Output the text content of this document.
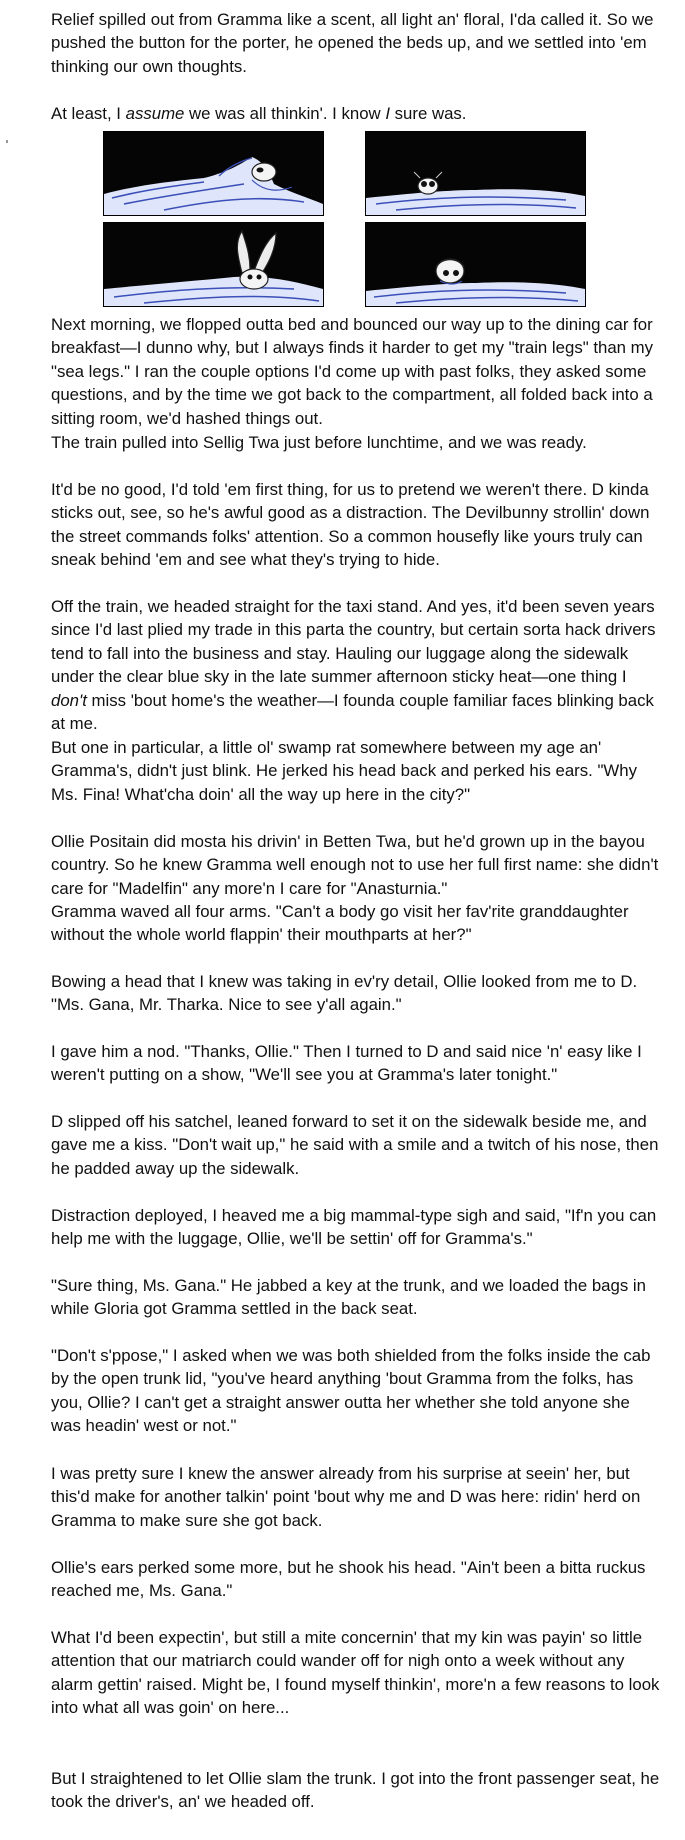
Relief spilled out from Gramma like a scent, all light an' floral, I'da called it. So we pushed the button for the porter, he opened the beds up, and we settled into 'em thinking our own thoughts.

At least, I assume we was all thinkin'. I know I sure was.

Next morning, we flopped outta bed and bounced our way up to the dining car for breakfast—I dunno why, but I always finds it harder to get my "train legs" than my "sea legs." I ran the couple options I'd come up with past folks, they asked some questions, and by the time we got back to the compartment, all folded back into a sitting room, we'd hashed things out.

The train pulled into Sellig Twa just before lunchtime, and we was ready.

It'd be no good, I'd told 'em first thing, for us to pretend we weren't there. D kinda sticks out, see, so he's awful good as a distraction. The Devilbunny strollin' down the street commands folks' attention. So a common housefly like yours truly can sneak behind 'em and see what they's trying to hide.

Off the train, we headed straight for the taxi stand. And yes, it'd been seven years since I'd last plied my trade in this parta the country, but certain sorta hack drivers tend to fall into the business and stay. Hauling our luggage along the sidewalk under the clear blue sky in the late summer afternoon sticky heat—one thing I don't miss 'bout home's the weather—I founda couple familiar faces blinking back at me.

But one in particular, a little ol' swamp rat somewhere between my age an' Gramma's, didn't just blink. He jerked his head back and perked his ears. "Why Ms. Fina! What'cha doin' all the way up here in the city?"

Ollie Positain did mosta his drivin' in Betten Twa, but he'd grown up in the bayou country. So he knew Gramma well enough not to use her full first name: she didn't care for "Madelfin" any more'n I care for "Anasturnia."

Gramma waved all four arms. "Can't a body go visit her fav'rite granddaughter without the whole world flappin' their mouthparts at her?"

Bowing a head that I knew was taking in ev'ry detail, Ollie looked from me to D. "Ms. Gana, Mr. Tharka. Nice to see y'all again."

I gave him a nod. "Thanks, Ollie." Then I turned to D and said nice 'n' easy like I weren't putting on a show, "We'll see you at Gramma's later tonight."

D slipped off his satchel, leaned forward to set it on the sidewalk beside me, and gave me a kiss. "Don't wait up," he said with a smile and a twitch of his nose, then he padded away up the sidewalk.

Distraction deployed, I heaved me a big mammal-type sigh and said, "If'n you can help me with the luggage, Ollie, we'll be settin' off for Gramma's."

"Sure thing, Ms. Gana." He jabbed a key at the trunk, and we loaded the bags in while Gloria got Gramma settled in the back seat.

"Don't s'ppose," I asked when we was both shielded from the folks inside the cab by the open trunk lid, "you've heard anything 'bout Gramma from the folks, has you, Ollie? I can't get a straight answer outta her whether she told anyone she was headin' west or not."

I was pretty sure I knew the answer already from his surprise at seein' her, but this'd make for another talkin' point 'bout why me and D was here: ridin' herd on Gramma to make sure she got back.

Ollie's ears perked some more, but he shook his head. "Ain't been a bitta ruckus reached me, Ms. Gana."

What I'd been expectin', but still a mite concernin' that my kin was payin' so little attention that our matriarch could wander off for nigh onto a week without any alarm gettin' raised. Might be, I found myself thinkin', more'n a few reasons to look into what all was goin' on here...

But I straightened to let Ollie slam the trunk. I got into the front passenger seat, he took the driver's, an' we headed off.
